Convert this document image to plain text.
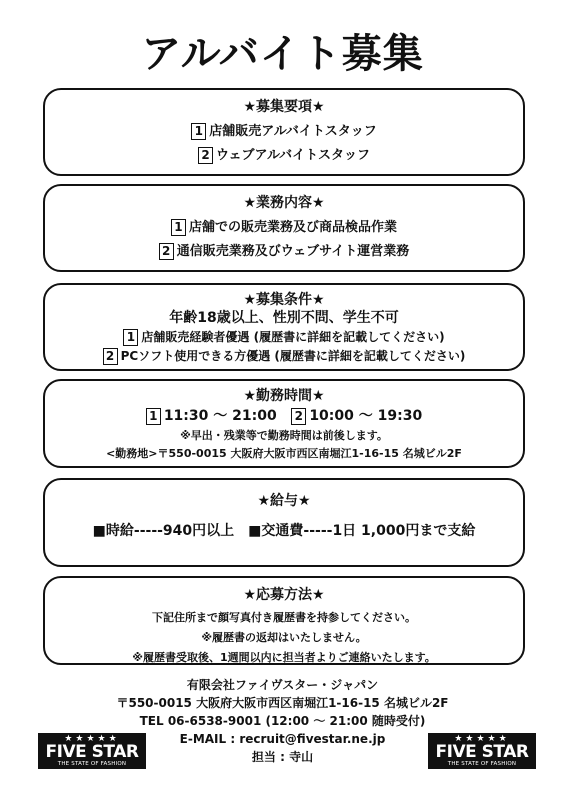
アルバイト募集
★募集要項★
1 店舗販売アルバイトスタッフ
2 ウェブアルバイトスタッフ
★業務内容★
1 店舗での販売業務及び商品検品作業
2 通信販売業務及びウェブサイト運営業務
★募集条件★
年齢18歳以上、性別不問、学生不可
1 店舗販売経験者優遇 (履歴書に詳細を記載してください)
2 PCソフト使用できる方優遇 (履歴書に詳細を記載してください)
★勤務時間★
1 11:30 ～ 21:00 2 10:00 ～ 19:30
※早出・残業等で勤務時間は前後します。
<勤務地>〒550-0015 大阪府大阪市西区南堀江1-16-15 名城ビル2F
★給与★
■時給-----940円以上　■交通費-----1日 1,000円まで支給
★応募方法★
下記住所まで顔写真付き履歴書を持参してください。
※履歴書の返却はいたしません。
※履歴書受取後、1週間以内に担当者よりご連絡いたします。
有限会社ファイヴスター・ジャパン
〒550-0015 大阪府大阪市西区南堀江1-16-15 名城ビル2F
TEL 06-6538-9001 (12:00 ～ 21:00 随時受付)
E-MAIL : recruit@fivestar.ne.jp
担当 : 寺山
★★★★★
FIVE STAR
THE STATE OF FASHION
★★★★★
FIVE STAR
THE STATE OF FASHION
